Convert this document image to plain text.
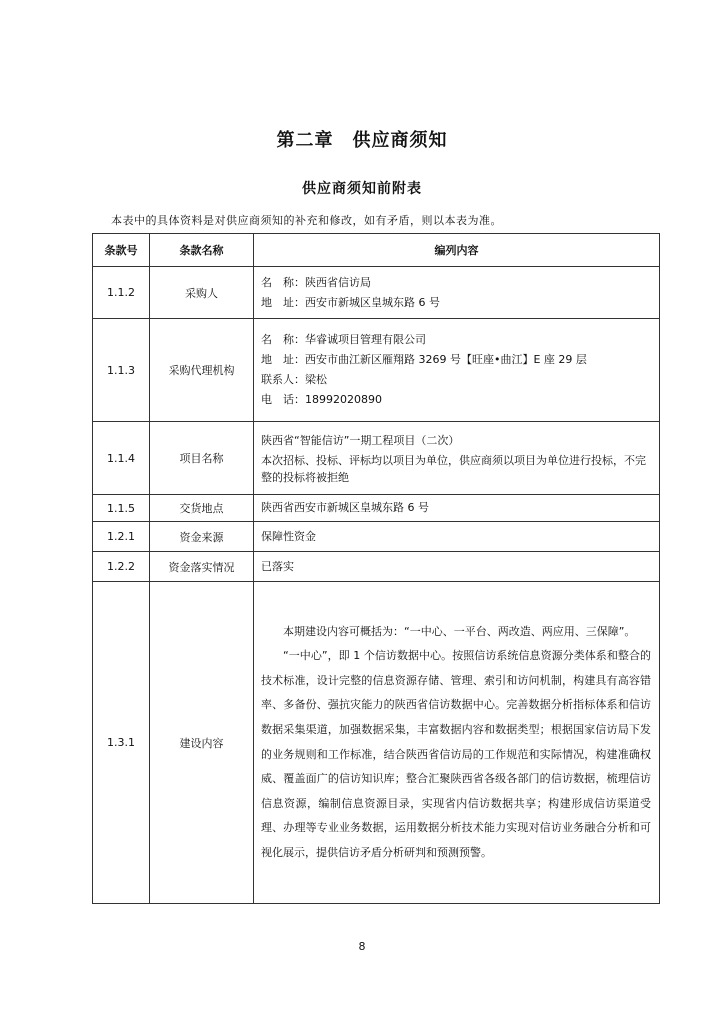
第二章　供应商须知
供应商须知前附表
本表中的具体资料是对供应商须知的补充和修改，如有矛盾，则以本表为准。
条款号	条款名称	编列内容
1.1.2	采购人	名　称：陕西省信访局
地　址：西安市新城区皇城东路 6 号

1.1.3	采购代理机构	名　称：华睿诚项目管理有限公司
地　址：西安市曲江新区雁翔路 3269 号【旺座•曲江】E 座 29 层
联系人：梁松
电　话：18992020890

1.1.4	项目名称	陕西省“智能信访”一期工程项目（二次）
本次招标、投标、评标均以项目为单位，供应商须以项目为单位进行投标，不完整的投标将被拒绝

1.1.5	交货地点	陕西省西安市新城区皇城东路 6 号
1.2.1	资金来源	保障性资金
1.2.2	资金落实情况	已落实
1.3.1	建设内容	本期建设内容可概括为：“一中心、一平台、两改造、两应用、三保障”。
“一中心”，即 1 个信访数据中心。按照信访系统信息资源分类体系和整合的技术标准，设计完整的信息资源存储、管理、索引和访问机制，构建具有高容错率、多备份、强抗灾能力的陕西省信访数据中心。完善数据分析指标体系和信访数据采集渠道，加强数据采集，丰富数据内容和数据类型；根据国家信访局下发的业务规则和工作标准，结合陕西省信访局的工作规范和实际情况，构建准确权威、覆盖面广的信访知识库；整合汇聚陕西省各级各部门的信访数据，梳理信访信息资源，编制信息资源目录，实现省内信访数据共享；构建形成信访渠道受理、办理等专业业务数据，运用数据分析技术能力实现对信访业务融合分析和可视化展示，提供信访矛盾分析研判和预测预警。
8
